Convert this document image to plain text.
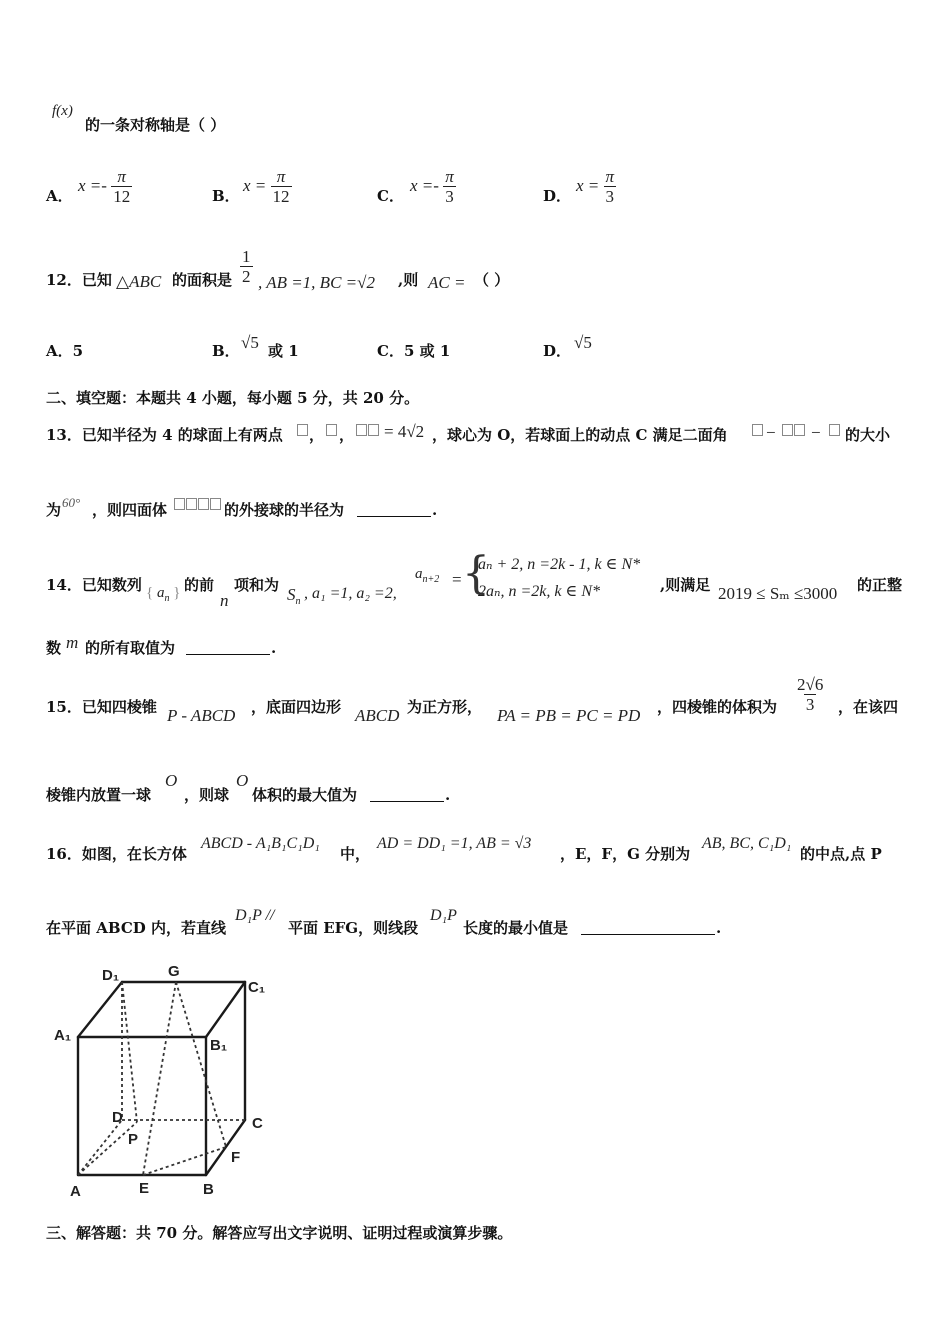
f(x)
的一条对称轴是（ ）
A．
$x =- \frac{\pi}{12}$	B．
$x = \frac{\pi}{12}$	C．
$x =- \frac{\pi}{3}$	D．
$x = \frac{\pi}{3}$
12．已知 △ABC 的面积是 $\frac{1}{2}$ , AB =1, BC =√2 ,则 AC = （ ）
A．5	B． √5 或 1	C．5 或 1	D． √5
二、填空题：本题共 4 小题，每小题 5 分，共 20 分。
13．已知半径为 4 的球面上有两点 ， ， = 4√2 ，球心为 O，若球面上的动点 C 满足二面角 − − 的大小
为 60° ，则四面体	的外接球的半径为	.
14．已知数列 { $a_n$ } 的前
n
项和为 $S_n$ , a₁ =1, a₂ =2,
$a_{n+2}$ = {
aₙ + 2, n =2k - 1, k ∈ N*
2aₙ, n =2k, k ∈ N*	,则满足 2019 ≤ Sₘ ≤3000 的正整
数 m 的所有取值为	.
15．已知四棱锥 P - ABCD ，底面四边形 ABCD 为正方形， PA = PB = PC = PD ，四棱锥的体积为 $\frac{2√6}{3}$ ，在该四
棱锥内放置一球
O
，则球
O
体积的最大值为	.
16．如图，在长方体
ABCD - A₁B₁C₁D₁
中，
AD = DD₁ =1, AB = √3
，E，F，G 分别为
AB, BC, C₁D₁
的中点,点 P
在平面 ABCD 内，若直线
D₁P //
平面 EFG，则线段
D₁P
长度的最小值是	.
D₁	G
C₁
A₁
B₁
D	C
P
F
A	E	B
三、解答题：共 70 分。解答应写出文字说明、证明过程或演算步骤。
